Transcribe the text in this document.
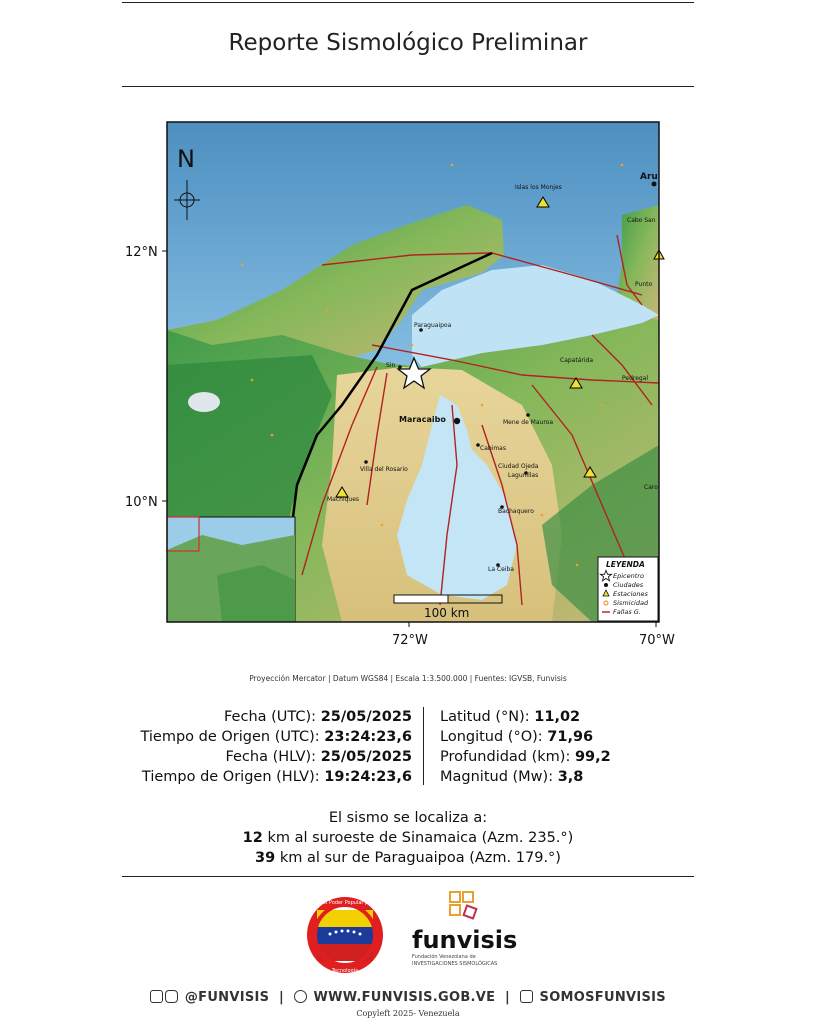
Reporte Sismológico Preliminar
Islas los Monjes
Aru
Cabo San
Punto
Paraguaipoa
Sin
Capatárida
Pedregal
Maracaibo	Mene de Mauroa
Cabimas
Villa del Rosario	Ciudad Ojeda
Lagunillas
Machiques
Bachaquero
Caro
La Ceiba
N
100 km
LEYENDA
Epicentro
Ciudades
Estaciones
Sismicidad
Fallas G.
12°N
10°N
72°W	70°W
Proyección Mercator | Datum WGS84 | Escala 1:3.500.000 | Fuentes: IGVSB, Funvisis
Fecha (UTC): 25/05/2025
Tiempo de Origen (UTC): 23:24:23,6
Fecha (HLV): 25/05/2025
Tiempo de Origen (HLV): 19:24:23,6
Latitud (°N): 11,02
Longitud (°O): 71,96
Profundidad (km): 99,2
Magnitud (Mw): 3,8
El sismo se localiza a:
12 km al suroeste de Sinamaica (Azm. 235.°)
39 km al sur de Paraguaipoa (Azm. 179.°)
Ministerio del Poder Popular para Ciencia
Tecnología
funvisis
Fundación Venezolana de
INVESTIGACIONES SISMOLÓGICAS
@FUNVISIS  |   WWW.FUNVISIS.GOB.VE  |   SOMOSFUNVISIS
Copyleft 2025- Venezuela
